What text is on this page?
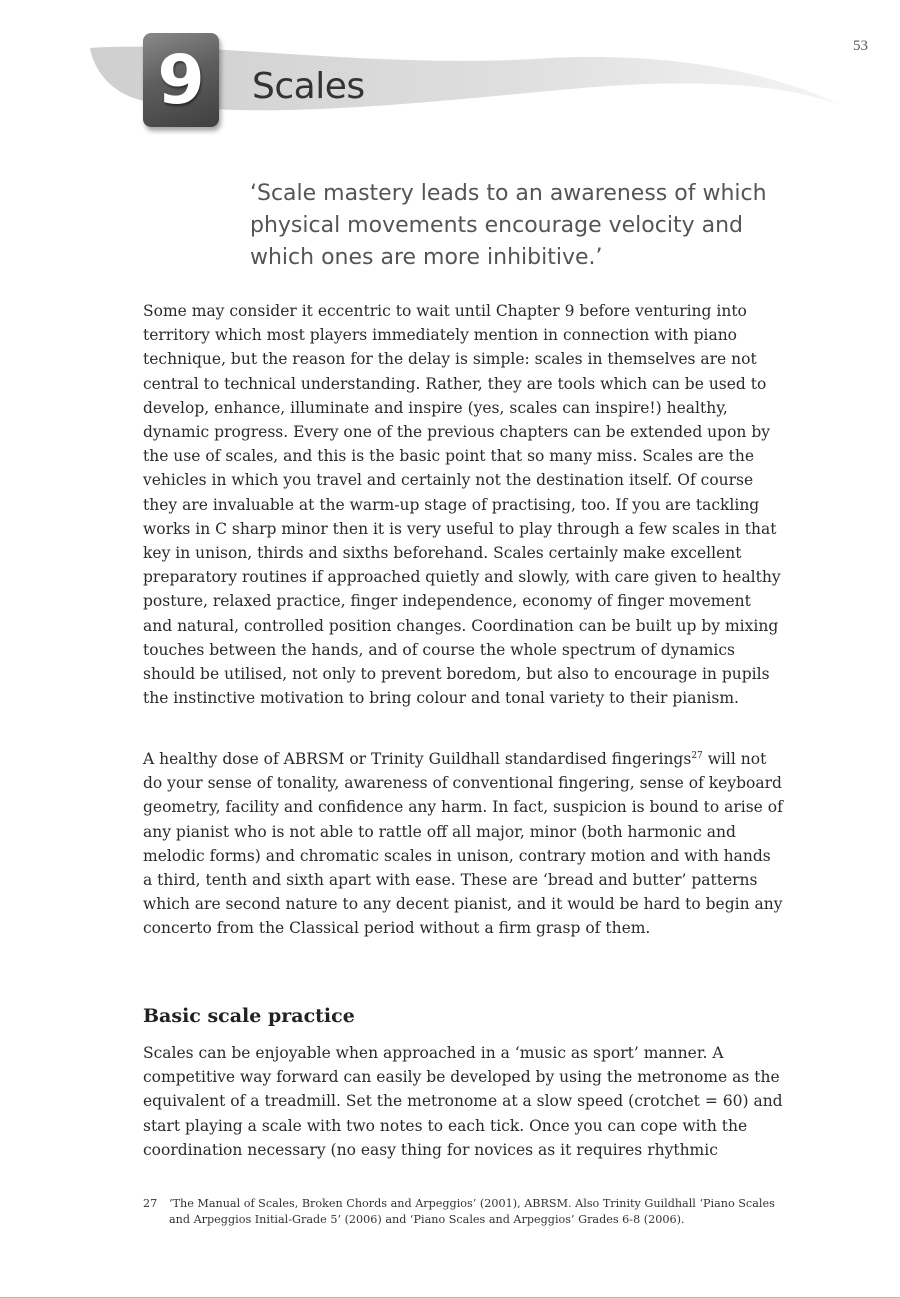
53
9	Scales
‘Scale mastery leads to an awareness of which physical movements encourage velocity and which ones are more inhibitive.’

Some may consider it eccentric to wait until Chapter 9 before venturing into territory which most players immediately mention in connection with piano technique, but the reason for the delay is simple: scales in themselves are not central to technical understanding. Rather, they are tools which can be used to develop, enhance, illuminate and inspire (yes, scales can inspire!) healthy, dynamic progress. Every one of the previous chapters can be extended upon by the use of scales, and this is the basic point that so many miss. Scales are the vehicles in which you travel and certainly not the destination itself. Of course they are invaluable at the warm-up stage of practising, too. If you are tackling works in C sharp minor then it is very useful to play through a few scales in that key in unison, thirds and sixths beforehand. Scales certainly make excellent preparatory routines if approached quietly and slowly, with care given to healthy posture, relaxed practice, finger independence, economy of finger movement and natural, controlled position changes. Coordination can be built up by mixing touches between the hands, and of course the whole spectrum of dynamics should be utilised, not only to prevent boredom, but also to encourage in pupils the instinctive motivation to bring colour and tonal variety to their pianism.

A healthy dose of ABRSM or Trinity Guildhall standardised fingerings$^{27}$ will not do your sense of tonality, awareness of conventional fingering, sense of keyboard geometry, facility and confidence any harm. In fact, suspicion is bound to arise of any pianist who is not able to rattle off all major, minor (both harmonic and melodic forms) and chromatic scales in unison, contrary motion and with hands a third, tenth and sixth apart with ease. These are ‘bread and butter’ patterns which are second nature to any decent pianist, and it would be hard to begin any concerto from the Classical period without a firm grasp of them.

Basic scale practice

Scales can be enjoyable when approached in a ‘music as sport’ manner. A competitive way forward can easily be developed by using the metronome as the equivalent of a treadmill. Set the metronome at a slow speed (crotchet = 60) and start playing a scale with two notes to each tick. Once you can cope with the coordination necessary (no easy thing for novices as it requires rhythmic

27	‘The Manual of Scales, Broken Chords and Arpeggios’ (2001), ABRSM. Also Trinity Guildhall ‘Piano Scales and Arpeggios Initial-Grade 5’ (2006) and ‘Piano Scales and Arpeggios’ Grades 6-8 (2006).
